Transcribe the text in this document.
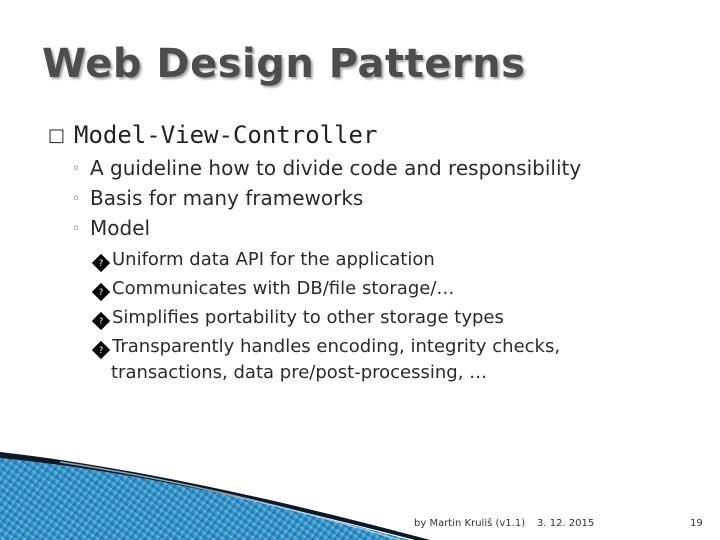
Web Design Patterns
□ Model-View-Controller
◦ A guideline how to divide code and responsibility
◦ Basis for many frameworks
◦ Model
? Uniform data API for the application
? Communicates with DB/file storage/…
? Simplifies portability to other storage types
? Transparently handles encoding, integrity checks,
transactions, data pre/post-processing, …
by Martin Kruliš (v1.1) 3. 12. 2015	19
